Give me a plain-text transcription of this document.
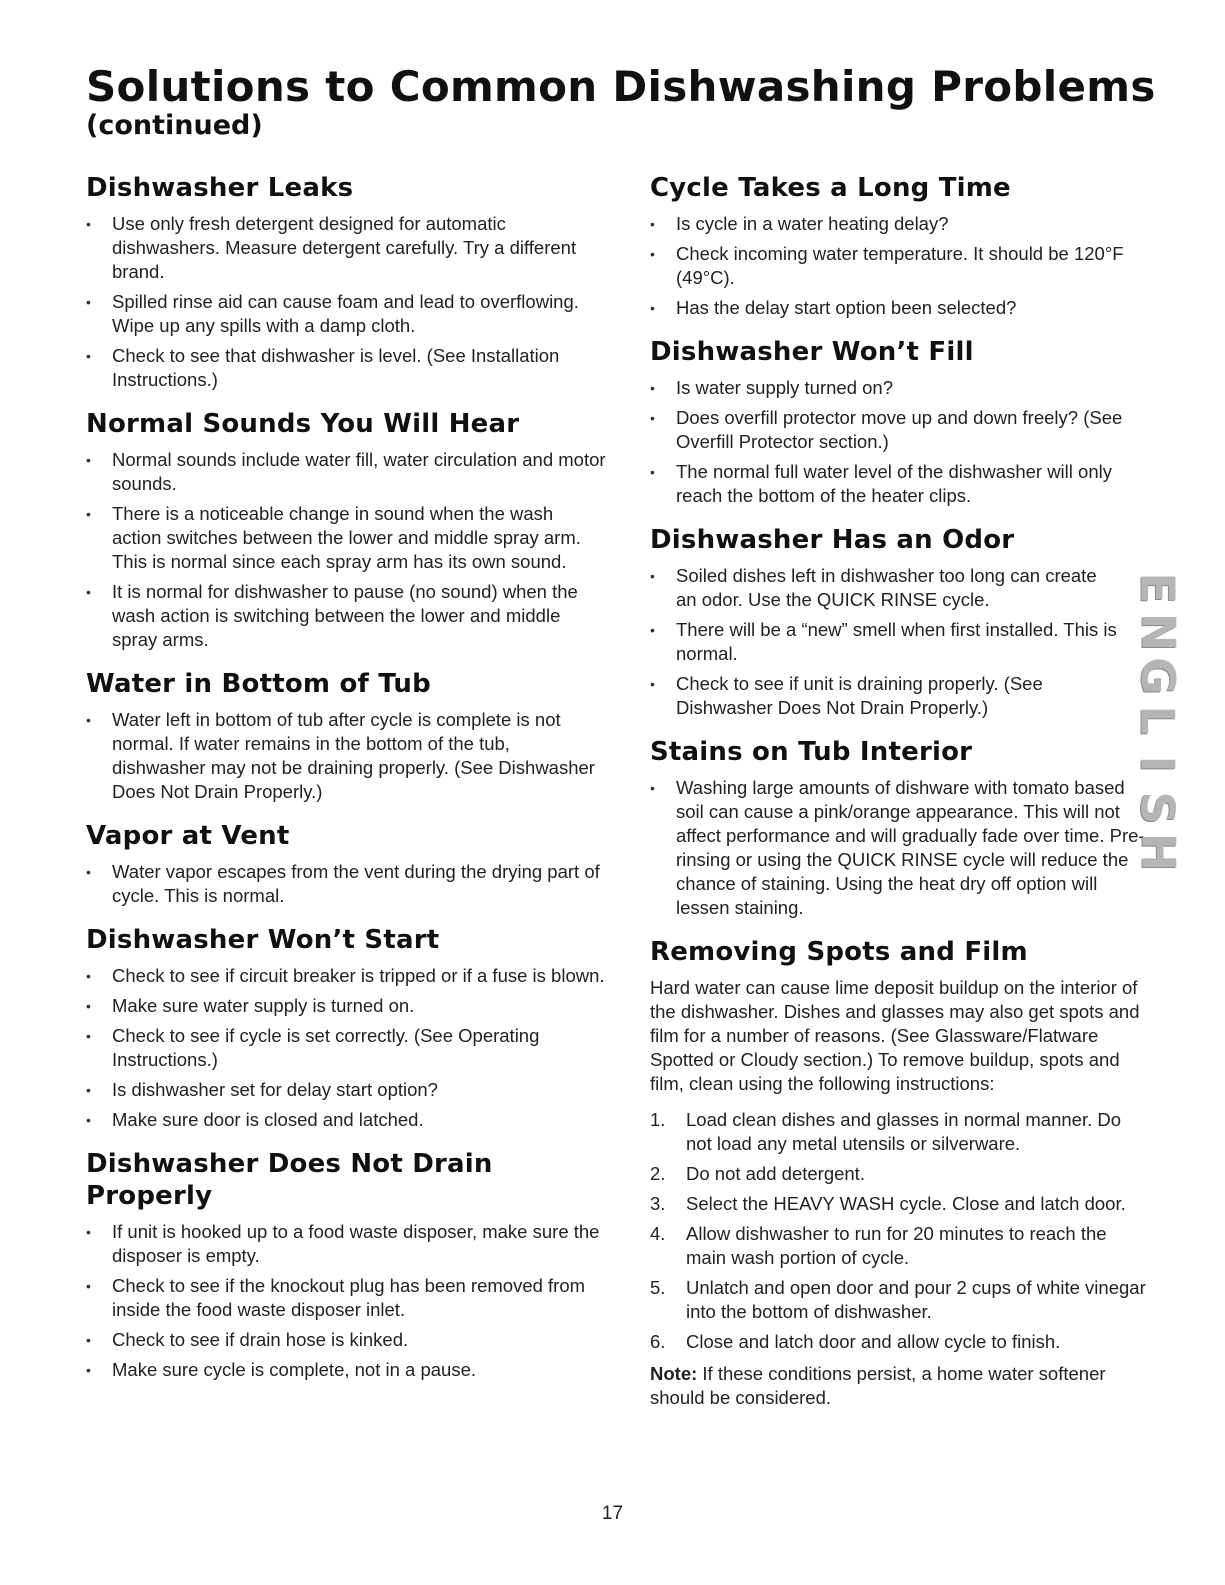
Solutions to Common Dishwashing Problems
(continued)
Dishwasher Leaks
• Use only fresh detergent designed for automatic dishwashers. Measure detergent carefully. Try a different brand.
• Spilled rinse aid can cause foam and lead to overflowing. Wipe up any spills with a damp cloth.
• Check to see that dishwasher is level. (See Installation Instructions.)
Normal Sounds You Will Hear
• Normal sounds include water fill, water circulation and motor sounds.
• There is a noticeable change in sound when the wash action switches between the lower and middle spray arm. This is normal since each spray arm has its own sound.
• It is normal for dishwasher to pause (no sound) when the wash action is switching between the lower and middle spray arms.
Water in Bottom of Tub
• Water left in bottom of tub after cycle is complete is not normal. If water remains in the bottom of the tub, dishwasher may not be draining properly. (See Dishwasher Does Not Drain Properly.)
Vapor at Vent
• Water vapor escapes from the vent during the drying part of cycle. This is normal.
Dishwasher Won’t Start
• Check to see if circuit breaker is tripped or if a fuse is blown.
• Make sure water supply is turned on.
• Check to see if cycle is set correctly. (See Operating Instructions.)
• Is dishwasher set for delay start option?
• Make sure door is closed and latched.
Dishwasher Does Not Drain Properly
• If unit is hooked up to a food waste disposer, make sure the disposer is empty.
• Check to see if the knockout plug has been removed from inside the food waste disposer inlet.
• Check to see if drain hose is kinked.
• Make sure cycle is complete, not in a pause.
Cycle Takes a Long Time
• Is cycle in a water heating delay?
• Check incoming water temperature. It should be 120°F (49°C).
• Has the delay start option been selected?
Dishwasher Won’t Fill
• Is water supply turned on?
• Does overfill protector move up and down freely? (See Overfill Protector section.)
• The normal full water level of the dishwasher will only reach the bottom of the heater clips.
Dishwasher Has an Odor
• Soiled dishes left in dishwasher too long can create an odor. Use the QUICK RINSE cycle.
• There will be a “new” smell when first installed. This is normal.
• Check to see if unit is draining properly. (See Dishwasher Does Not Drain Properly.)
Stains on Tub Interior
• Washing large amounts of dishware with tomato based soil can cause a pink/orange appearance. This will not affect performance and will gradually fade over time. Pre-rinsing or using the QUICK RINSE cycle will reduce the chance of staining. Using the heat dry off option will lessen staining.
Removing Spots and Film

Hard water can cause lime deposit buildup on the interior of the dishwasher. Dishes and glasses may also get spots and film for a number of reasons. (See Glassware/Flatware Spotted or Cloudy section.) To remove buildup, spots and film, clean using the following instructions:

1. Load clean dishes and glasses in normal manner. Do not load any metal utensils or silverware.
2. Do not add detergent.
3. Select the HEAVY WASH cycle. Close and latch door.
4. Allow dishwasher to run for 20 minutes to reach the main wash portion of cycle.
5. Unlatch and open door and pour 2 cups of white vinegar into the bottom of dishwasher.
6. Close and latch door and allow cycle to finish.

Note: If these conditions persist, a home water softener should be considered.

E
N
G
L
I
S
H
17
